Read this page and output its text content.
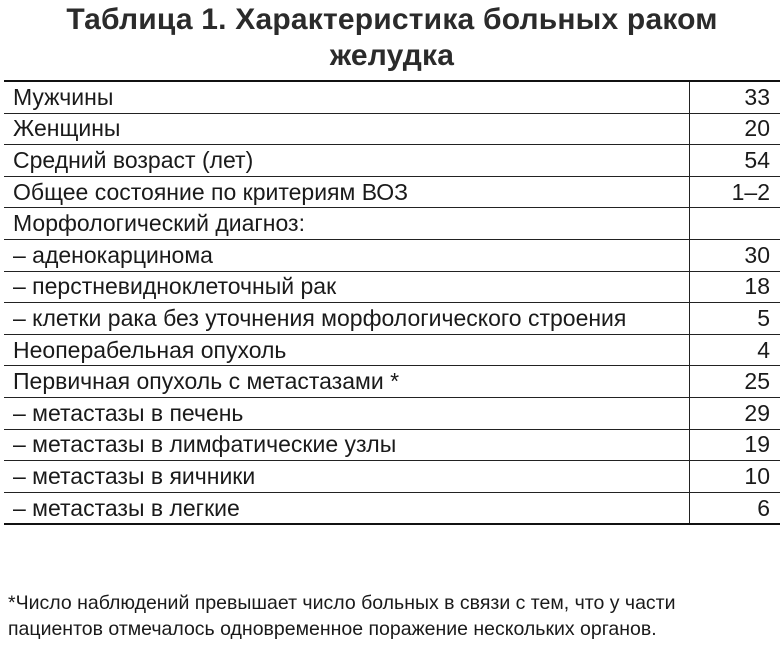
Таблица 1. Характеристика больных раком
желудка
Мужчины	33
Женщины	20
Средний возраст (лет)	54
Общее состояние по критериям ВОЗ	1–2
Морфологический диагноз:	
– аденокарцинома	30
– перстневидноклеточный рак	18
– клетки рака без уточнения морфологического строения	5
Неоперабельная опухоль	4
Первичная опухоль с метастазами *	25
– метастазы в печень	29
– метастазы в лимфатические узлы	19
– метастазы в яичники	10
– метастазы в легкие	6
*Число наблюдений превышает число больных в связи с тем, что у части
пациентов отмечалось одновременное поражение нескольких органов.
